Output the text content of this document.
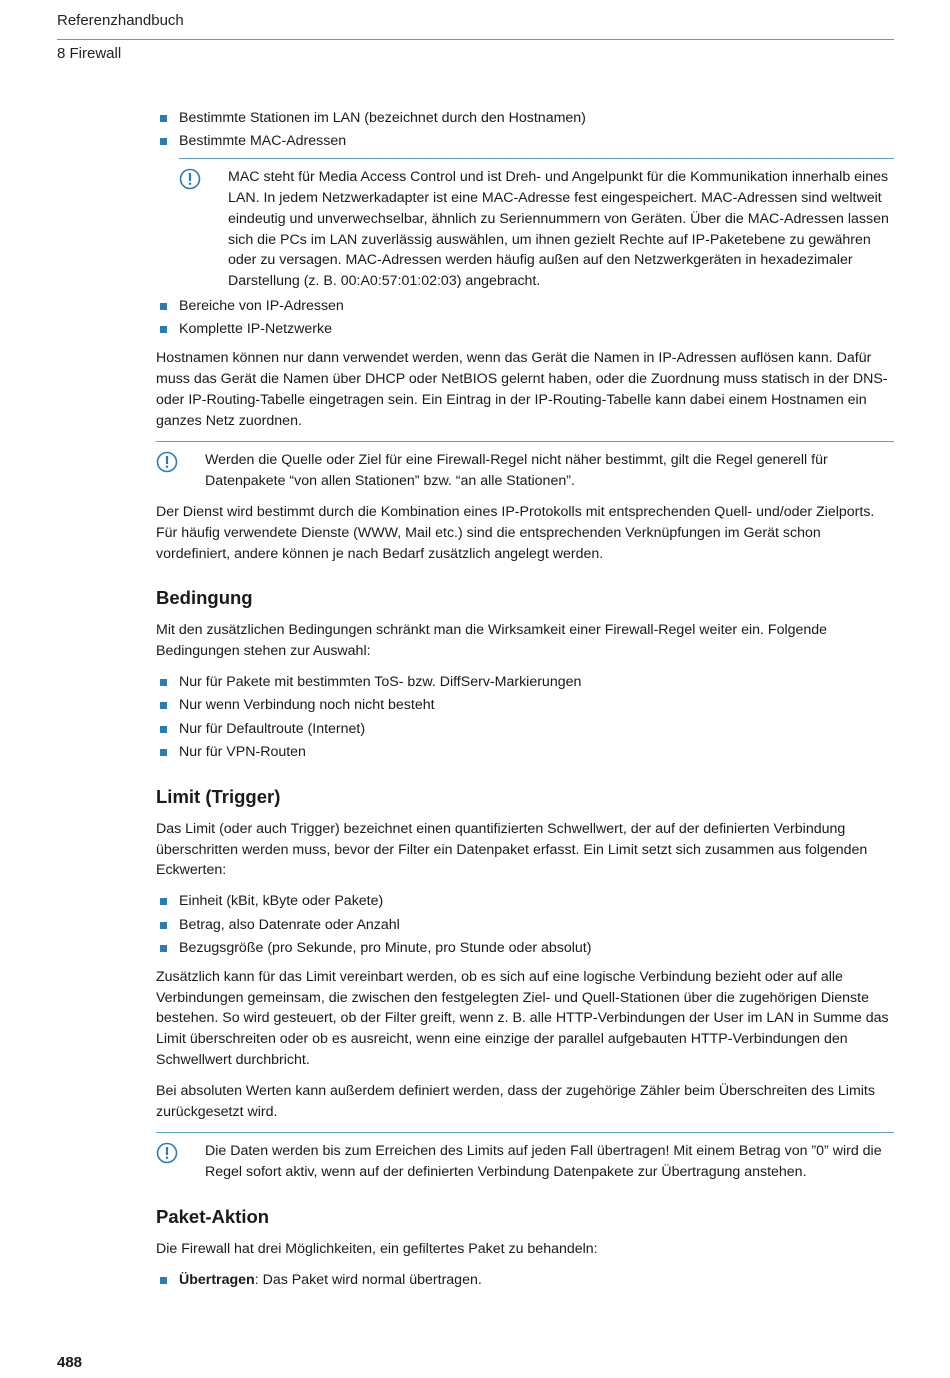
Referenzhandbuch
8 Firewall
Bestimmte Stationen im LAN (bezeichnet durch den Hostnamen)
Bestimmte MAC-Adressen
MAC steht für Media Access Control und ist Dreh- und Angelpunkt für die Kommunikation innerhalb eines LAN. In jedem Netzwerkadapter ist eine MAC-Adresse fest eingespeichert. MAC-Adressen sind weltweit eindeutig und unverwechselbar, ähnlich zu Seriennummern von Geräten. Über die MAC-Adressen lassen sich die PCs im LAN zuverlässig auswählen, um ihnen gezielt Rechte auf IP-Paketebene zu gewähren oder zu versagen. MAC-Adressen werden häufig außen auf den Netzwerkgeräten in hexadezimaler Darstellung (z. B. 00:A0:57:01:02:03) angebracht.
Bereiche von IP-Adressen
Komplette IP-Netzwerke

Hostnamen können nur dann verwendet werden, wenn das Gerät die Namen in IP-Adressen auflösen kann. Dafür muss das Gerät die Namen über DHCP oder NetBIOS gelernt haben, oder die Zuordnung muss statisch in der DNS- oder IP-Routing-Tabelle eingetragen sein. Ein Eintrag in der IP-Routing-Tabelle kann dabei einem Hostnamen ein ganzes Netz zuordnen.

Werden die Quelle oder Ziel für eine Firewall-Regel nicht näher bestimmt, gilt die Regel generell für Datenpakete “von allen Stationen” bzw. “an alle Stationen”.

Der Dienst wird bestimmt durch die Kombination eines IP-Protokolls mit entsprechenden Quell- und/oder Zielports. Für häufig verwendete Dienste (WWW, Mail etc.) sind die entsprechenden Verknüpfungen im Gerät schon vordefiniert, andere können je nach Bedarf zusätzlich angelegt werden.

Bedingung

Mit den zusätzlichen Bedingungen schränkt man die Wirksamkeit einer Firewall-Regel weiter ein. Folgende Bedingungen stehen zur Auswahl:

Nur für Pakete mit bestimmten ToS- bzw. DiffServ-Markierungen
Nur wenn Verbindung noch nicht besteht
Nur für Defaultroute (Internet)
Nur für VPN-Routen
Limit (Trigger)

Das Limit (oder auch Trigger) bezeichnet einen quantifizierten Schwellwert, der auf der definierten Verbindung überschritten werden muss, bevor der Filter ein Datenpaket erfasst. Ein Limit setzt sich zusammen aus folgenden Eckwerten:

Einheit (kBit, kByte oder Pakete)
Betrag, also Datenrate oder Anzahl
Bezugsgröße (pro Sekunde, pro Minute, pro Stunde oder absolut)

Zusätzlich kann für das Limit vereinbart werden, ob es sich auf eine logische Verbindung bezieht oder auf alle Verbindungen gemeinsam, die zwischen den festgelegten Ziel- und Quell-Stationen über die zugehörigen Dienste bestehen. So wird gesteuert, ob der Filter greift, wenn z. B. alle HTTP-Verbindungen der User im LAN in Summe das Limit überschreiten oder ob es ausreicht, wenn eine einzige der parallel aufgebauten HTTP-Verbindungen den Schwellwert durchbricht.

Bei absoluten Werten kann außerdem definiert werden, dass der zugehörige Zähler beim Überschreiten des Limits zurückgesetzt wird.

Die Daten werden bis zum Erreichen des Limits auf jeden Fall übertragen! Mit einem Betrag von ”0” wird die Regel sofort aktiv, wenn auf der definierten Verbindung Datenpakete zur Übertragung anstehen.
Paket-Aktion

Die Firewall hat drei Möglichkeiten, ein gefiltertes Paket zu behandeln:

Übertragen: Das Paket wird normal übertragen.
488
